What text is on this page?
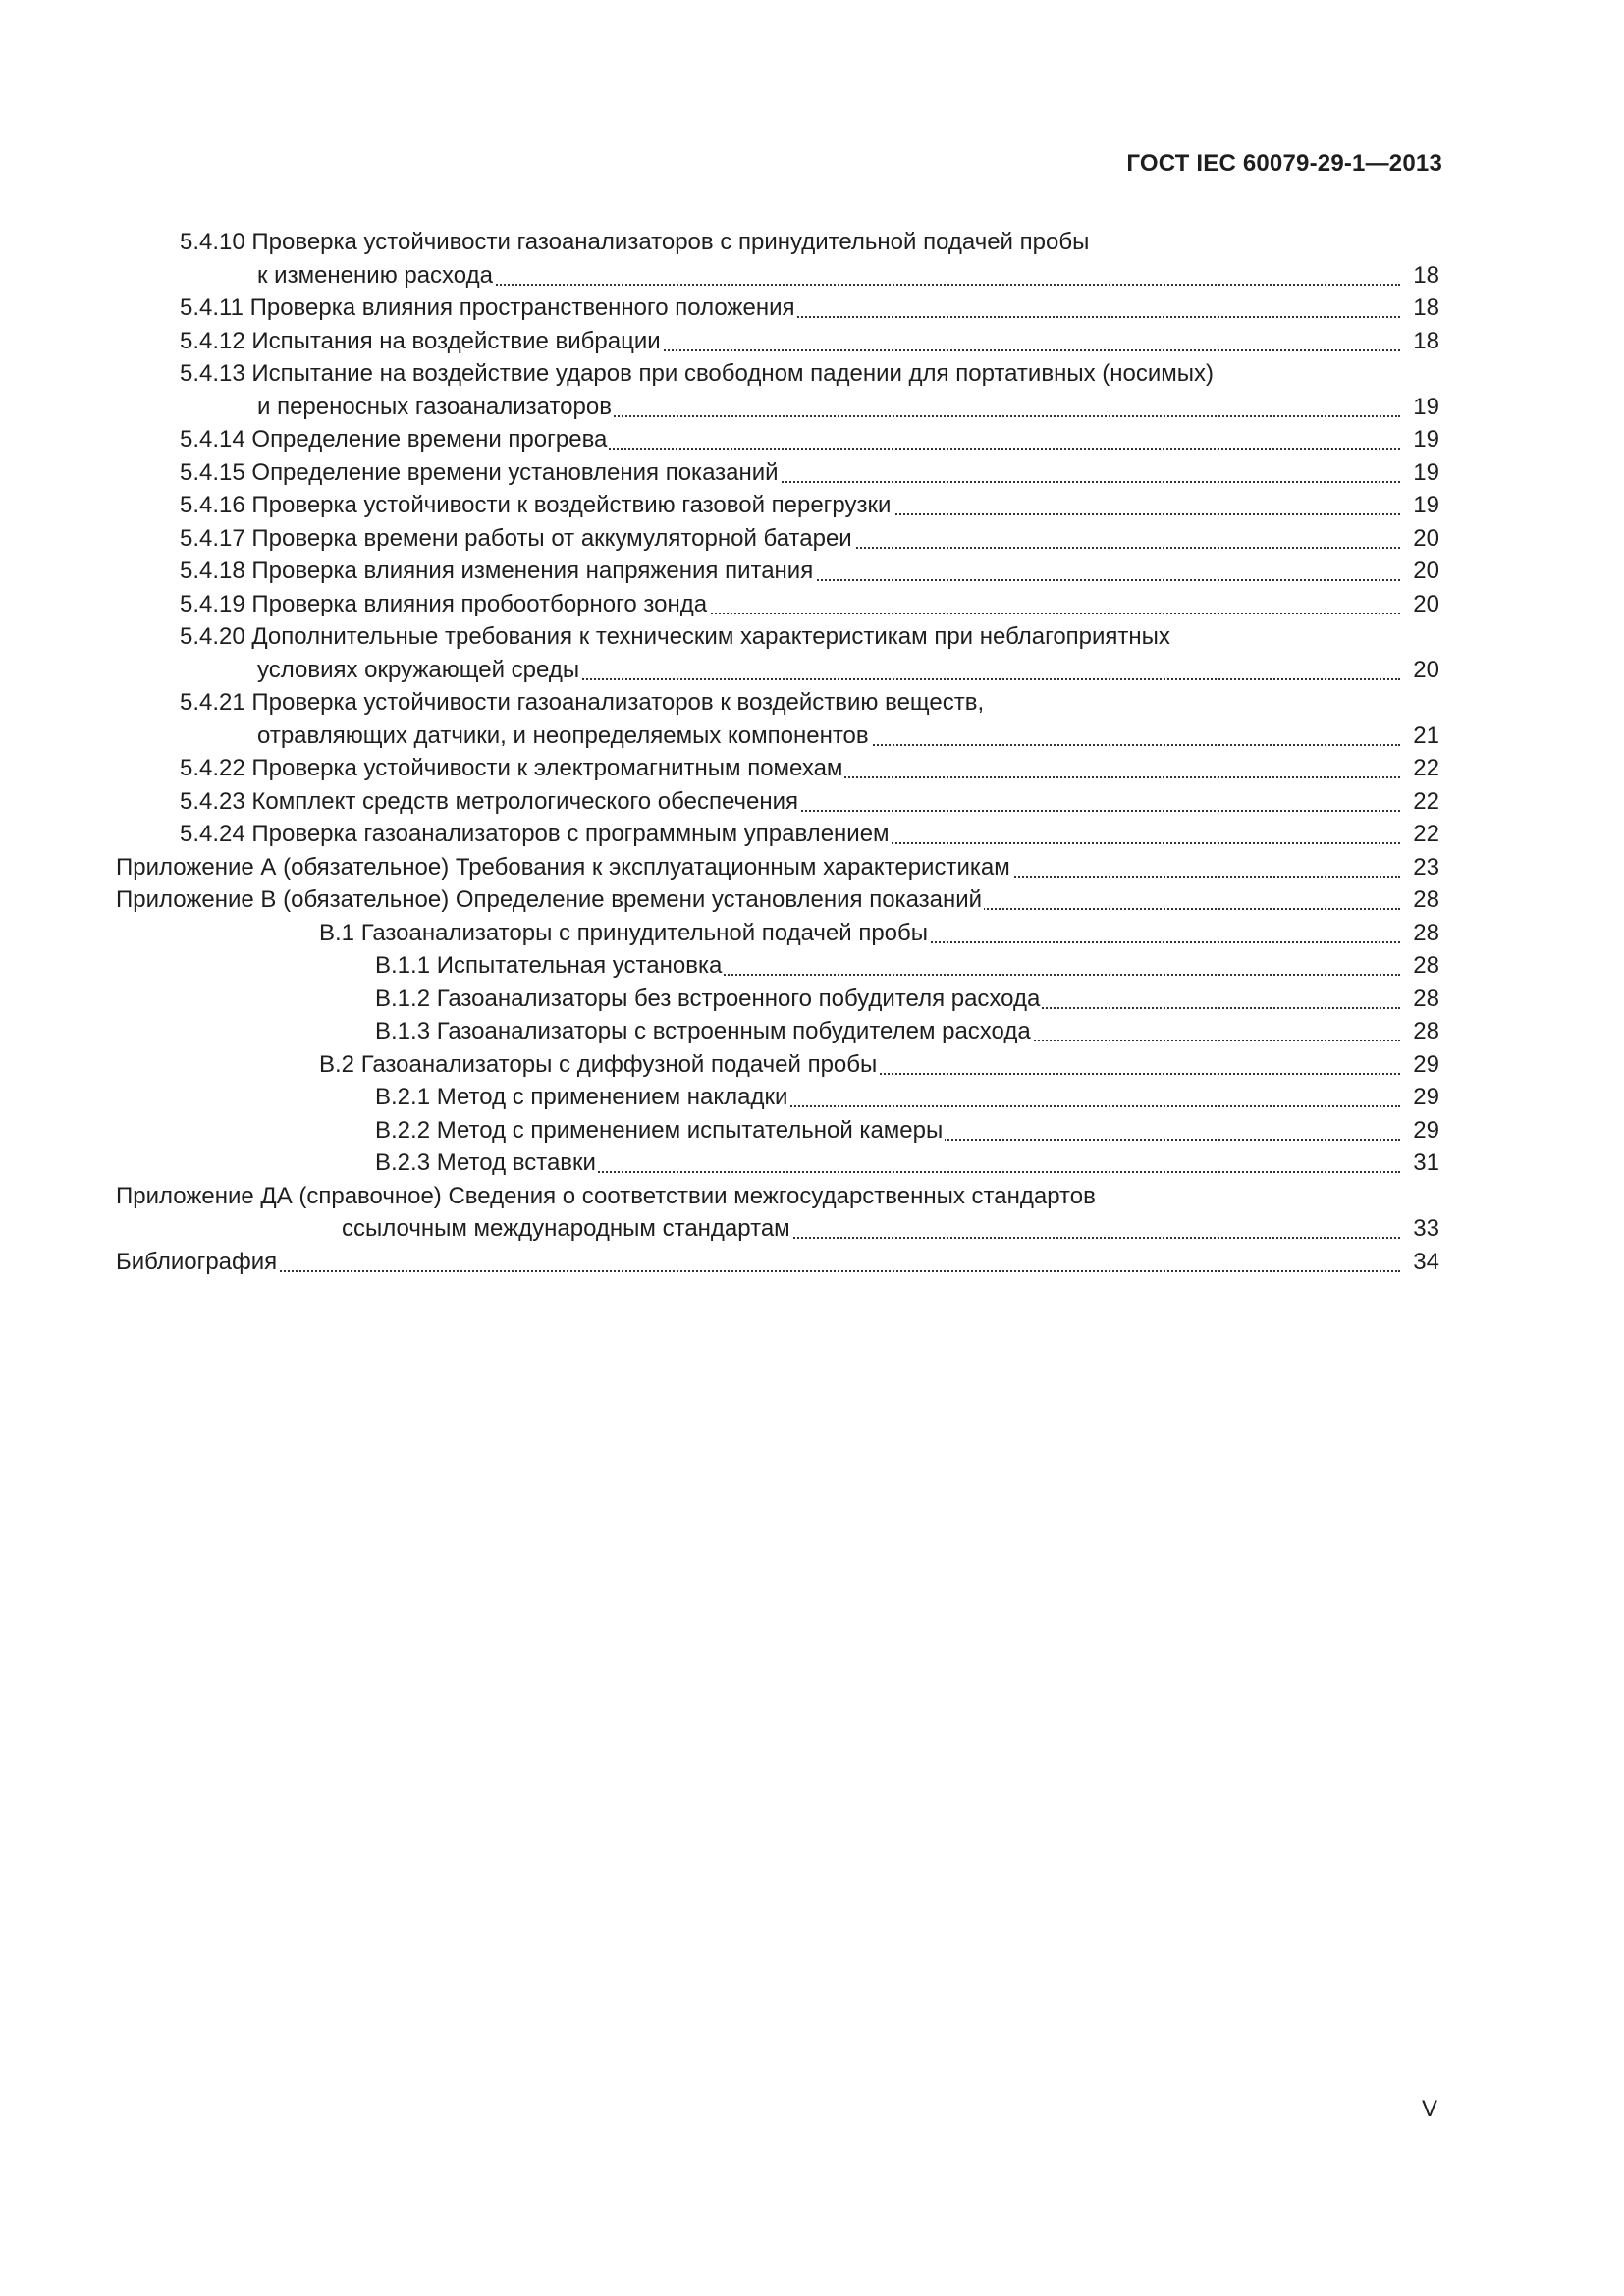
ГОСТ IEC 60079-29-1—2013
5.4.10 Проверка устойчивости газоанализаторов с принудительной подачей пробы
к изменению расхода	18
5.4.11 Проверка влияния пространственного положения	18
5.4.12 Испытания на воздействие вибрации	18
5.4.13 Испытание на воздействие ударов при свободном падении для портативных (носимых)
и переносных газоанализаторов	19
5.4.14 Определение времени прогрева	19
5.4.15 Определение времени установления показаний	19
5.4.16 Проверка устойчивости к воздействию газовой перегрузки	19
5.4.17 Проверка времени работы от аккумуляторной батареи	20
5.4.18 Проверка влияния изменения напряжения питания	20
5.4.19 Проверка влияния пробоотборного зонда	20
5.4.20 Дополнительные требования к техническим характеристикам при неблагоприятных
условиях окружающей среды	20
5.4.21 Проверка устойчивости газоанализаторов к воздействию веществ,
отравляющих датчики, и неопределяемых компонентов	21
5.4.22 Проверка устойчивости к электромагнитным помехам	22
5.4.23 Комплект средств метрологического обеспечения	22
5.4.24 Проверка газоанализаторов с программным управлением	22
Приложение А (обязательное) Требования к эксплуатационным характеристикам	23
Приложение В (обязательное) Определение времени установления показаний	28
В.1 Газоанализаторы с принудительной подачей пробы	28
В.1.1 Испытательная установка	28
В.1.2 Газоанализаторы без встроенного побудителя расхода	28
В.1.3 Газоанализаторы с встроенным побудителем расхода	28
В.2 Газоанализаторы с диффузной подачей пробы	29
В.2.1 Метод с применением накладки	29
В.2.2 Метод с применением испытательной камеры	29
В.2.3 Метод вставки	31
Приложение ДА (справочное) Сведения о соответствии межгосударственных стандартов
ссылочным международным стандартам	33
Библиография	34
V
